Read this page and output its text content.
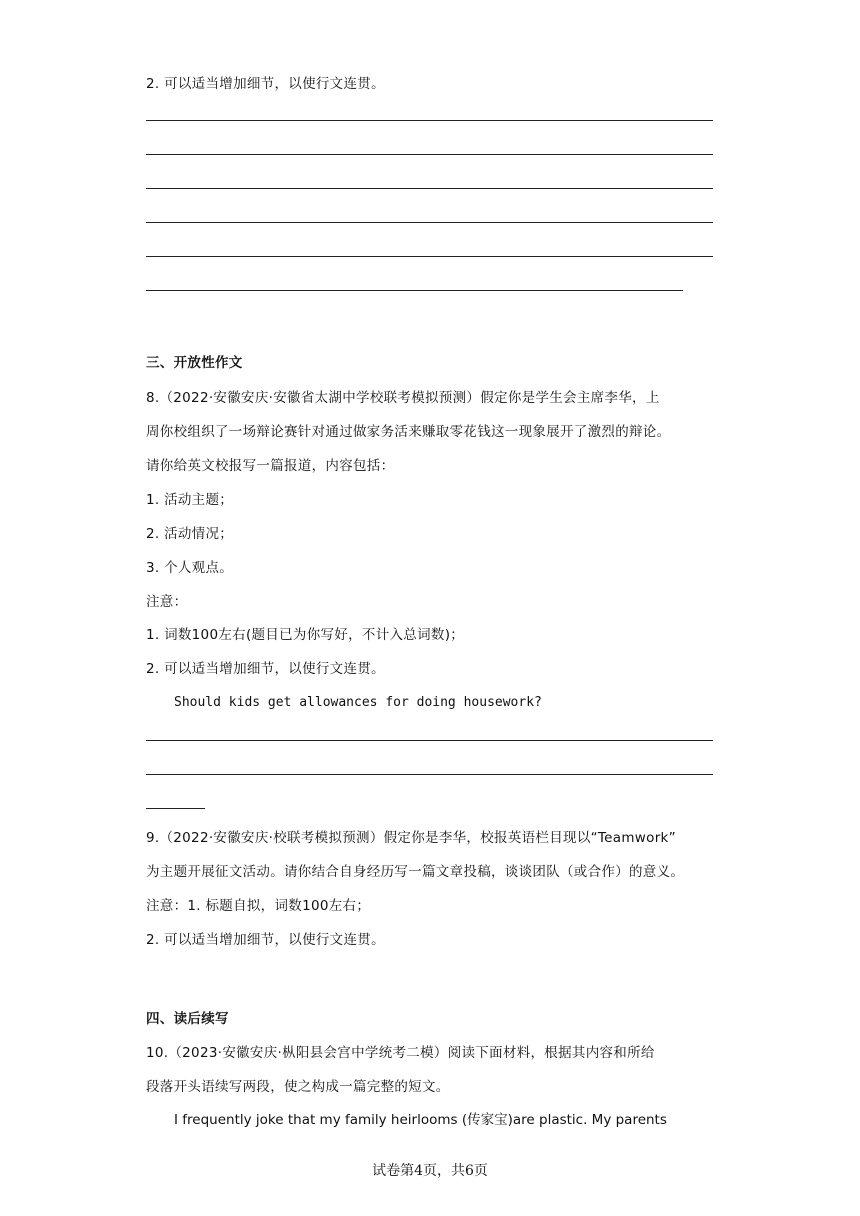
2. 可以适当增加细节，以使行文连贯。
三、开放性作文
8.（2022·安徽安庆·安徽省太湖中学校联考模拟预测）假定你是学生会主席李华，上
周你校组织了一场辩论赛针对通过做家务活来赚取零花钱这一现象展开了激烈的辩论。
请你给英文校报写一篇报道，内容包括：
1. 活动主题；
2. 活动情况；
3. 个人观点。
注意：
1. 词数100左右(题目已为你写好，不计入总词数)；
2. 可以适当增加细节，以使行文连贯。
Should kids get allowances for doing housework?
9.（2022·安徽安庆·校联考模拟预测）假定你是李华，校报英语栏目现以“Teamwork”
为主题开展征文活动。请你结合自身经历写一篇文章投稿，谈谈团队（或合作）的意义。
注意：1. 标题自拟，词数100左右；
2. 可以适当增加细节，以使行文连贯。
四、读后续写
10.（2023·安徽安庆·枞阳县会宫中学统考二模）阅读下面材料，根据其内容和所给
段落开头语续写两段，使之构成一篇完整的短文。
I frequently joke that my family heirlooms (传家宝)are plastic. My parents
试卷第4页，共6页
